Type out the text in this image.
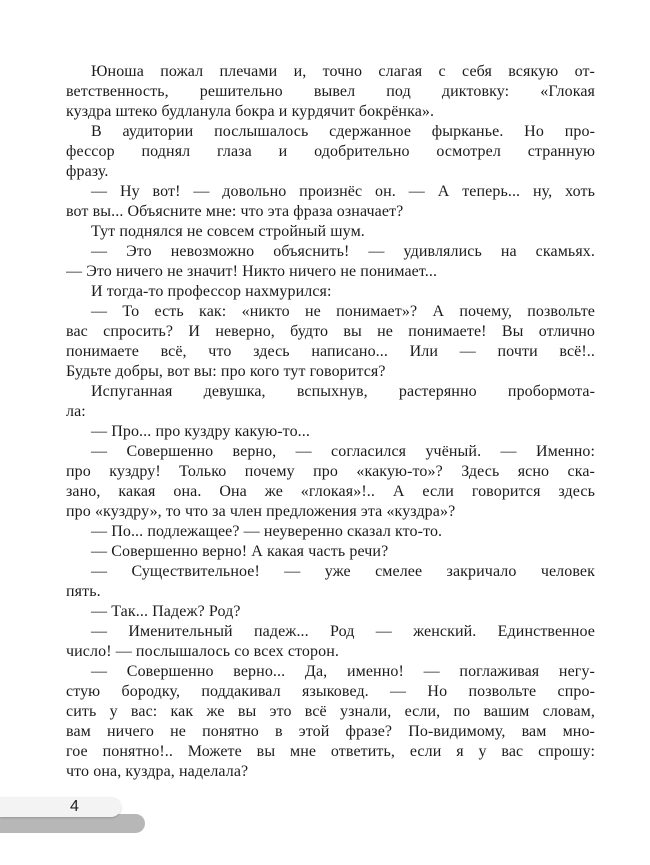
Юноша пожал плечами и, точно слагая с себя всякую от-
ветственность, решительно вывел под диктовку: «Глокая
куздра штеко будланула бокра и курдячит бокрёнка».
В аудитории послышалось сдержанное фырканье. Но про-
фессор поднял глаза и одобрительно осмотрел странную
фразу.
— Ну вот! — довольно произнёс он. — А теперь... ну, хоть
вот вы... Объясните мне: что эта фраза означает?
Тут поднялся не совсем стройный шум.
— Это невозможно объяснить! — удивлялись на скамьях.
— Это ничего не значит! Никто ничего не понимает...
И тогда-то профессор нахмурился:
— То есть как: «никто не понимает»? А почему, позвольте
вас спросить? И неверно, будто вы не понимаете! Вы отлично
понимаете всё, что здесь написано... Или — почти всё!..
Будьте добры, вот вы: про кого тут говорится?
Испуганная девушка, вспыхнув, растерянно пробормота-
ла:
— Про... про куздру какую-то...
— Совершенно верно, — согласился учёный. — Именно:
про куздру! Только почему про «какую-то»? Здесь ясно ска-
зано, какая она. Она же «глокая»!.. А если говорится здесь
про «куздру», то что за член предложения эта «куздра»?
— По... подлежащее? — неуверенно сказал кто-то.
— Совершенно верно! А какая часть речи?
— Существительное! — уже смелее закричало человек
пять.
— Так... Падеж? Род?
— Именительный падеж... Род — женский. Единственное
число! — послышалось со всех сторон.
— Совершенно верно... Да, именно! — поглаживая негу-
стую бородку, поддакивал языковед. — Но позвольте спро-
сить у вас: как же вы это всё узнали, если, по вашим словам,
вам ничего не понятно в этой фразе? По-видимому, вам мно-
гое понятно!.. Можете вы мне ответить, если я у вас спрошу:
что она, куздра, наделала?
4
